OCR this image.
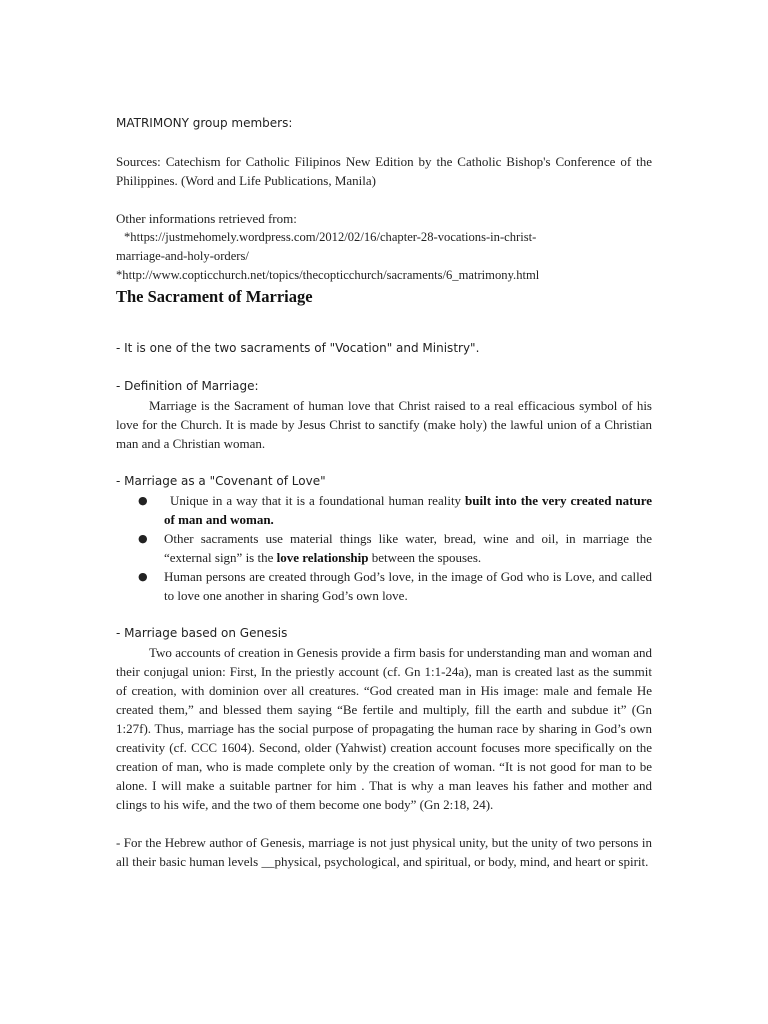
MATRIMONY group members:

Sources: Catechism for Catholic Filipinos New Edition by the Catholic Bishop's Conference of the Philippines. (Word and Life Publications, Manila)

Other informations retrieved from:

*https://justmehomely.wordpress.com/2012/02/16/chapter-28-vocations-in-christ-

marriage-and-holy-orders/

*http://www.copticchurch.net/topics/thecopticchurch/sacraments/6_matrimony.html

The Sacrament of Marriage

- It is one of the two sacraments of "Vocation" and Ministry".

- Definition of Marriage:

Marriage is the Sacrament of human love that Christ raised to a real efficacious symbol of his love for the Church. It is made by Jesus Christ to sanctify (make holy) the lawful union of a Christian man and a Christian woman.

- Marriage as a "Covenant of Love"

● Unique in a way that it is a foundational human reality built into the very created nature of man and woman.
● Other sacraments use material things like water, bread, wine and oil, in marriage the “external sign” is the love relationship between the spouses.
● Human persons are created through God’s love, in the image of God who is Love, and called to love one another in sharing God’s own love.

- Marriage based on Genesis

Two accounts of creation in Genesis provide a firm basis for understanding man and woman and their conjugal union: First, In the priestly account (cf. Gn 1:1-24a), man is created last as the summit of creation, with dominion over all creatures. “God created man in His image: male and female He created them,” and blessed them saying “Be fertile and multiply, fill the earth and subdue it” (Gn 1:27f). Thus, marriage has the social purpose of propagating the human race by sharing in God’s own creativity (cf. CCC 1604). Second, older (Yahwist) creation account focuses more specifically on the creation of man, who is made complete only by the creation of woman. “It is not good for man to be alone. I will make a suitable partner for him . That is why a man leaves his father and mother and clings to his wife, and the two of them become one body” (Gn 2:18, 24).

- For the Hebrew author of Genesis, marriage is not just physical unity, but the unity of two persons in all their basic human levels __physical, psychological, and spiritual, or body, mind, and heart or spirit.
